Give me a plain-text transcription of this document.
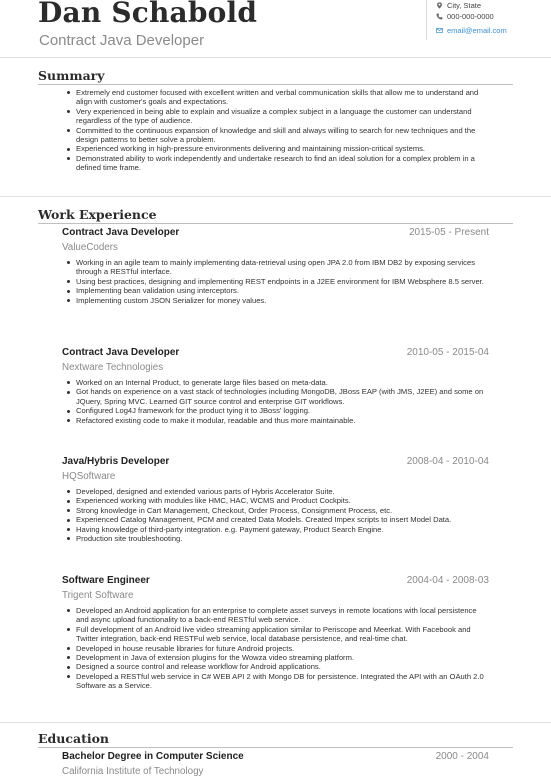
Dan Schabold

Contract Java Developer

City, State
000-000-0000
email@email.com
Summary
Extremely end customer focused with excellent written and verbal communication skills that allow me to understand and align with customer's goals and expectations.
Very experienced in being able to explain and visualize a complex subject in a language the customer can understand regardless of the type of audience.
Committed to the continuous expansion of knowledge and skill and always willing to search for new techniques and the design patterns to better solve a problem.
Experienced working in high-pressure environments delivering and maintaining mission-critical systems.
Demonstrated ability to work independently and undertake research to find an ideal solution for a complex problem in a defined time frame.
Work Experience

Contract Java Developer	2015-05 - Present

ValueCoders

Working in an agile team to mainly implementing data-retrieval using open JPA 2.0 from IBM DB2 by exposing services through a RESTful interface.
Using best practices, designing and implementing REST endpoints in a J2EE environment for IBM Websphere 8.5 server.
Implementing bean validation using interceptors.
Implementing custom JSON Serializer for money values.

Contract Java Developer	2010-05 - 2015-04

Nextware Technologies

Worked on an Internal Product, to generate large files based on meta-data.
Got hands on experience on a vast stack of technologies including MongoDB, JBoss EAP (with JMS, J2EE) and some on JQuery, Spring MVC. Learned GIT source control and enterprise GIT workflows.
Configured Log4J framework for the product tying it to JBoss' logging.
Refactored existing code to make it modular, readable and thus more maintainable.

Java/Hybris Developer	2008-04 - 2010-04

HQSoftware

Developed, designed and extended various parts of Hybris Accelerator Suite.
Experienced working with modules like HMC, HAC, WCMS and Product Cockpits.
Strong knowledge in Cart Management, Checkout, Order Process, Consignment Process, etc.
Experienced Catalog Management, PCM and created Data Models. Created Impex scripts to insert Model Data.
Having knowledge of third-party integration. e.g. Payment gateway, Product Search Engine.
Production site troubleshooting.

Software Engineer	2004-04 - 2008-03

Trigent Software

Developed an Android application for an enterprise to complete asset surveys in remote locations with local persistence and async upload functionality to a back-end RESTful web service.
Full development of an Android live video streaming application similar to Periscope and Meerkat. With Facebook and Twitter integration, back-end RESTFul web service, local database persistence, and real-time chat.
Developed in house reusable libraries for future Android projects.
Development in Java of extension plugins for the Wowza video streaming platform.
Designed a source control and release workflow for Android applications.
Developed a RESTful web service in C# WEB API 2 with Mongo DB for persistence. Integrated the API with an OAuth 2.0 Software as a Service.
Education

Bachelor Degree in Computer Science	2000 - 2004

California Institute of Technology
